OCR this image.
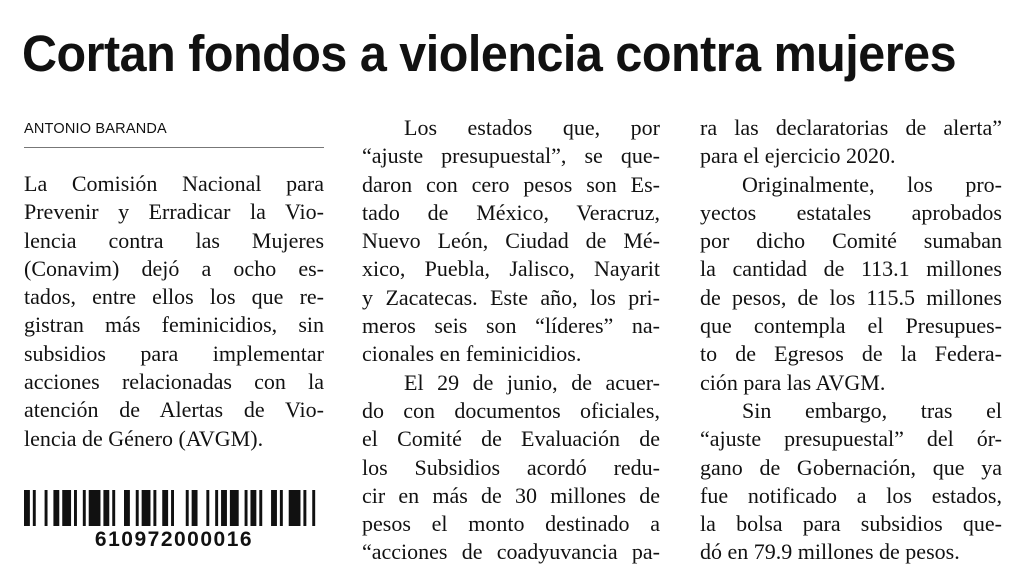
Cortan fondos a violencia contra mujeres
ANTONIO BARANDA
La Comisión Nacional para
Prevenir y Erradicar la Vio-
lencia contra las Mujeres
(Conavim) dejó a ocho es-
tados, entre ellos los que re-
gistran más feminicidios, sin
subsidios para implementar
acciones relacionadas con la
atención de Alertas de Vio-
lencia de Género (AVGM).
Los estados que, por
“ajuste presupuestal”, se que-
daron con cero pesos son Es-
tado de México, Veracruz,
Nuevo León, Ciudad de Mé-
xico, Puebla, Jalisco, Nayarit
y Zacatecas. Este año, los pri-
meros seis son “líderes” na-
cionales en feminicidios.
El 29 de junio, de acuer-
do con documentos oficiales,
el Comité de Evaluación de
los Subsidios acordó redu-
cir en más de 30 millones de
pesos el monto destinado a
“acciones de coadyuvancia pa-
ra las declaratorias de alerta”
para el ejercicio 2020.
Originalmente, los pro-
yectos estatales aprobados
por dicho Comité sumaban
la cantidad de 113.1 millones
de pesos, de los 115.5 millones
que contempla el Presupues-
to de Egresos de la Federa-
ción para las AVGM.
Sin embargo, tras el
“ajuste presupuestal” del ór-
gano de Gobernación, que ya
fue notificado a los estados,
la bolsa para subsidios que-
dó en 79.9 millones de pesos.
610972000016
